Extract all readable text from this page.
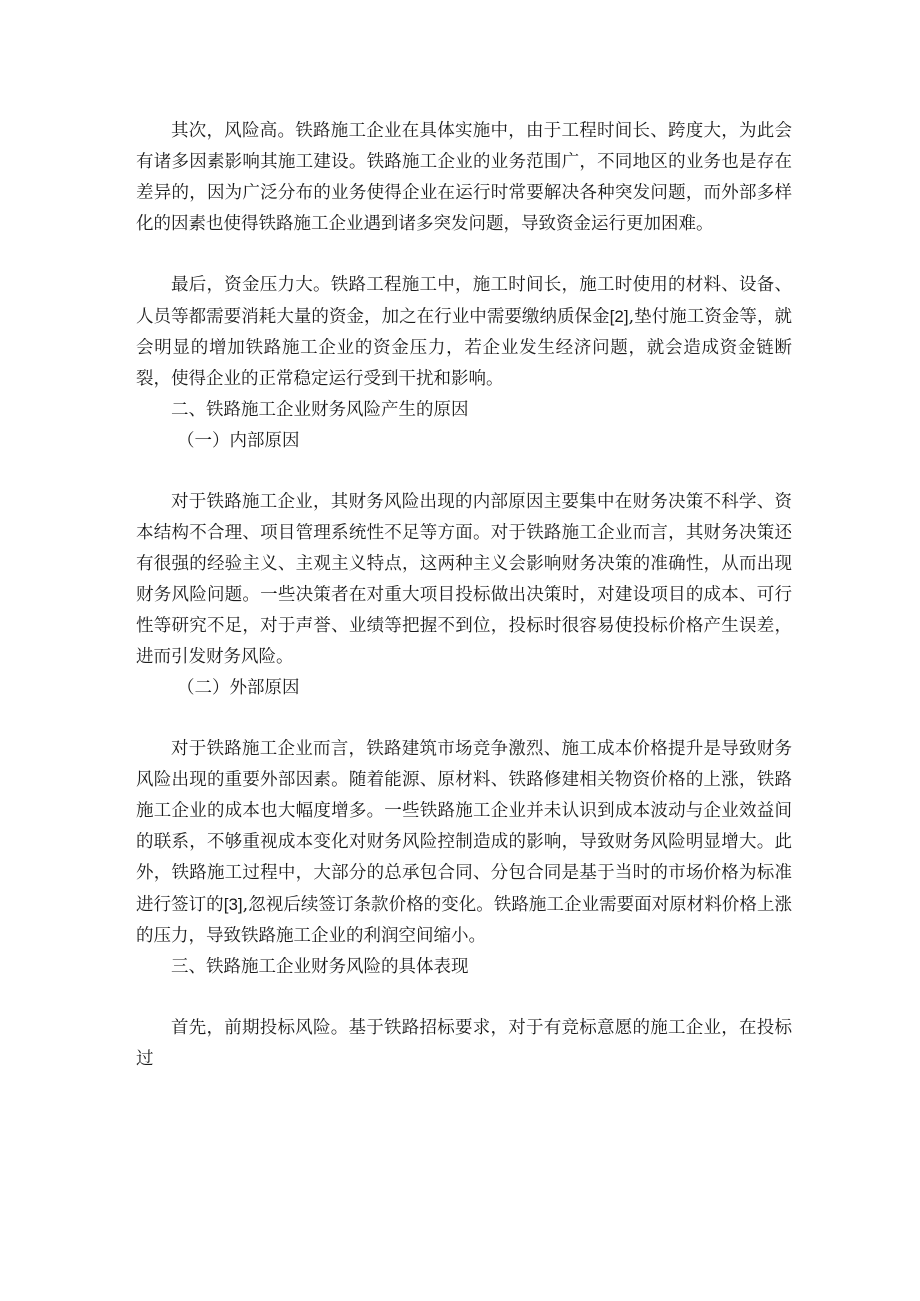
其次，风险高。铁路施工企业在具体实施中，由于工程时间长、跨度大，为此会有诸多因素影响其施工建设。铁路施工企业的业务范围广，不同地区的业务也是存在差异的，因为广泛分布的业务使得企业在运行时常要解决各种突发问题，而外部多样化的因素也使得铁路施工企业遇到诸多突发问题，导致资金运行更加困难。

最后，资金压力大。铁路工程施工中，施工时间长，施工时使用的材料、设备、人员等都需要消耗大量的资金，加之在行业中需要缴纳质保金[2],垫付施工资金等，就会明显的增加铁路施工企业的资金压力，若企业发生经济问题，就会造成资金链断裂，使得企业的正常稳定运行受到干扰和影响。

二、铁路施工企业财务风险产生的原因

（一）内部原因

对于铁路施工企业，其财务风险出现的内部原因主要集中在财务决策不科学、资本结构不合理、项目管理系统性不足等方面。对于铁路施工企业而言，其财务决策还有很强的经验主义、主观主义特点，这两种主义会影响财务决策的准确性，从而出现财务风险问题。一些决策者在对重大项目投标做出决策时，对建设项目的成本、可行性等研究不足，对于声誉、业绩等把握不到位，投标时很容易使投标价格产生误差，进而引发财务风险。

（二）外部原因

对于铁路施工企业而言，铁路建筑市场竞争激烈、施工成本价格提升是导致财务风险出现的重要外部因素。随着能源、原材料、铁路修建相关物资价格的上涨，铁路施工企业的成本也大幅度增多。一些铁路施工企业并未认识到成本波动与企业效益间的联系，不够重视成本变化对财务风险控制造成的影响，导致财务风险明显增大。此外，铁路施工过程中，大部分的总承包合同、分包合同是基于当时的市场价格为标准进行签订的[3],忽视后续签订条款价格的变化。铁路施工企业需要面对原材料价格上涨的压力，导致铁路施工企业的利润空间缩小。

三、铁路施工企业财务风险的具体表现

首先，前期投标风险。基于铁路招标要求，对于有竞标意愿的施工企业，在投标过
